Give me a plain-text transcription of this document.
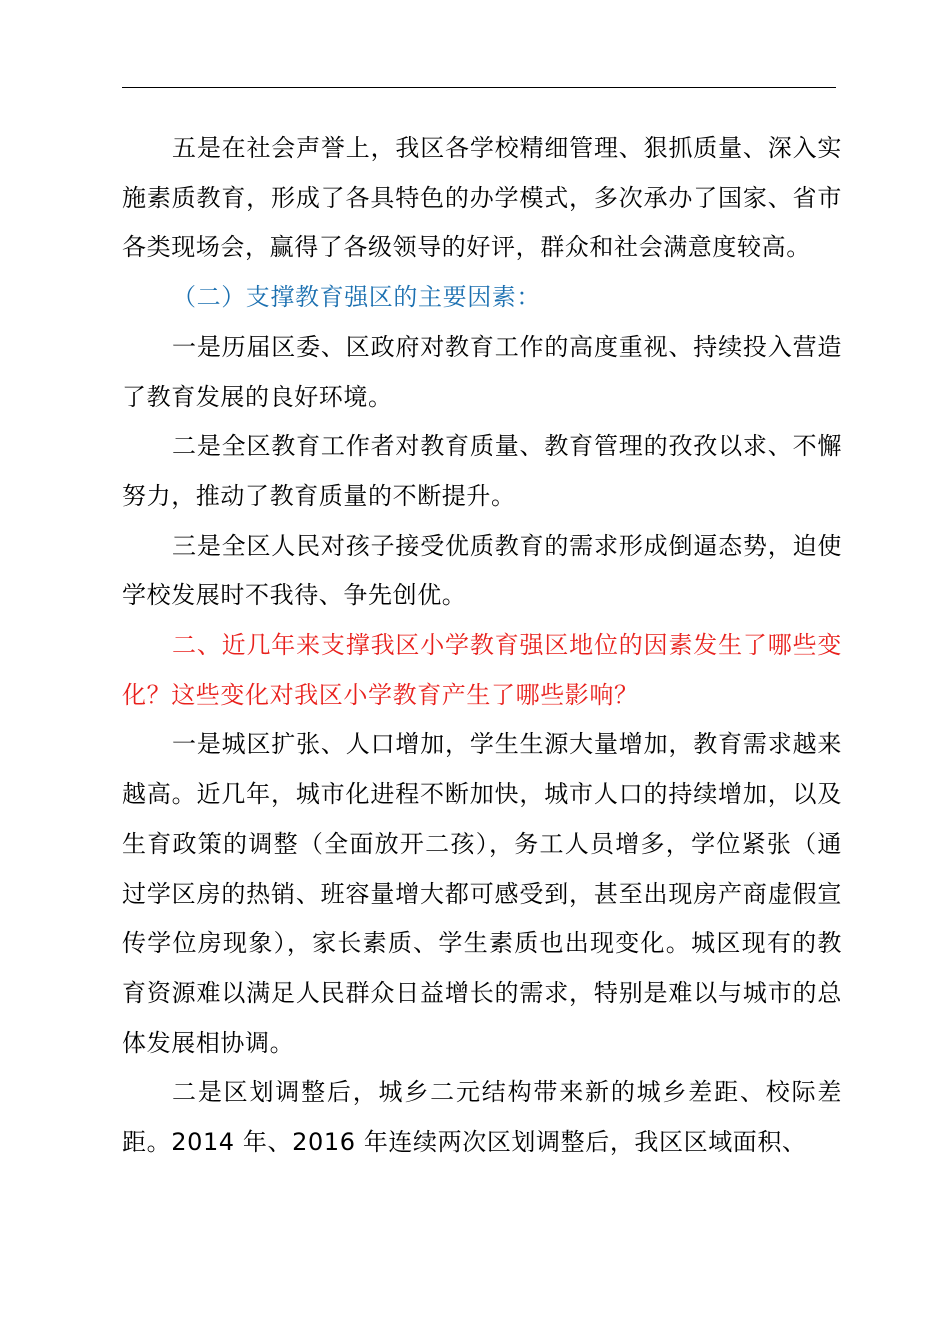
五是在社会声誉上，我区各学校精细管理、狠抓质量、深入实施素质教育，形成了各具特色的办学模式，多次承办了国家、省市各类现场会，赢得了各级领导的好评，群众和社会满意度较高。

（二）支撑教育强区的主要因素：

一是历届区委、区政府对教育工作的高度重视、持续投入营造了教育发展的良好环境。

二是全区教育工作者对教育质量、教育管理的孜孜以求、不懈努力，推动了教育质量的不断提升。

三是全区人民对孩子接受优质教育的需求形成倒逼态势，迫使学校发展时不我待、争先创优。

二、近几年来支撑我区小学教育强区地位的因素发生了哪些变化？这些变化对我区小学教育产生了哪些影响？

一是城区扩张、人口增加，学生生源大量增加，教育需求越来越高。近几年，城市化进程不断加快，城市人口的持续增加，以及生育政策的调整（全面放开二孩），务工人员增多，学位紧张（通过学区房的热销、班容量增大都可感受到，甚至出现房产商虚假宣传学位房现象），家长素质、学生素质也出现变化。城区现有的教育资源难以满足人民群众日益增长的需求，特别是难以与城市的总体发展相协调。

二是区划调整后，城乡二元结构带来新的城乡差距、校际差距。2014 年、2016 年连续两次区划调整后，我区区域面积、
